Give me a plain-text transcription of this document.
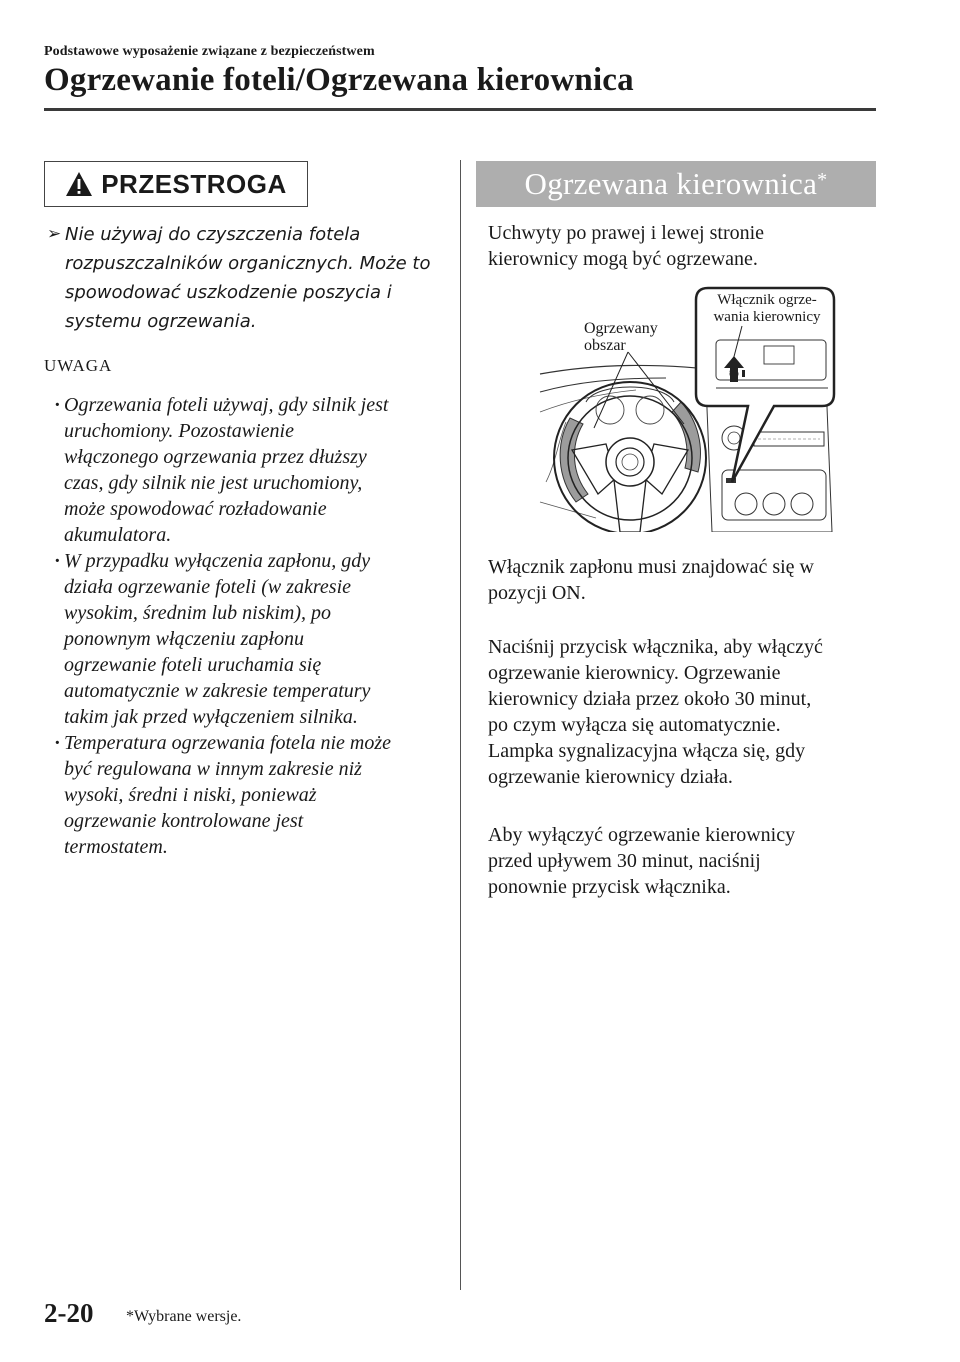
Podstawowe wyposażenie związane z bezpieczeństwem
Ogrzewanie foteli/Ogrzewana kierownica
PRZESTROGA
➢ Nie używaj do czyszczenia fotela
rozpuszczalników organicznych. Może to
spowodować uszkodzenie poszycia i
systemu ogrzewania.
UWAGA
· Ogrzewania foteli używaj, gdy silnik jest
uruchomiony. Pozostawienie
włączonego ogrzewania przez dłuższy
czas, gdy silnik nie jest uruchomiony,
może spowodować rozładowanie
akumulatora.
· W przypadku wyłączenia zapłonu, gdy
działa ogrzewanie foteli (w zakresie
wysokim, średnim lub niskim), po
ponownym włączeniu zapłonu
ogrzewanie foteli uruchamia się
automatycznie w zakresie temperatury
takim jak przed wyłączeniem silnika.
· Temperatura ogrzewania fotela nie może
być regulowana w innym zakresie niż
wysoki, średni i niski, ponieważ
ogrzewanie kontrolowane jest
termostatem.
Ogrzewana kierownica*
Uchwyty po prawej i lewej stronie
kierownicy mogą być ogrzewane.
Ogrzewany
obszar
Włącznik ogrze-
wania kierownicy
Włącznik zapłonu musi znajdować się w
pozycji ON.
Naciśnij przycisk włącznika, aby włączyć
ogrzewanie kierownicy. Ogrzewanie
kierownicy działa przez około 30 minut,
po czym wyłącza się automatycznie.
Lampka sygnalizacyjna włącza się, gdy
ogrzewanie kierownicy działa.
Aby wyłączyć ogrzewanie kierownicy
przed upływem 30 minut, naciśnij
ponownie przycisk włącznika.
2-20 *Wybrane wersje.
